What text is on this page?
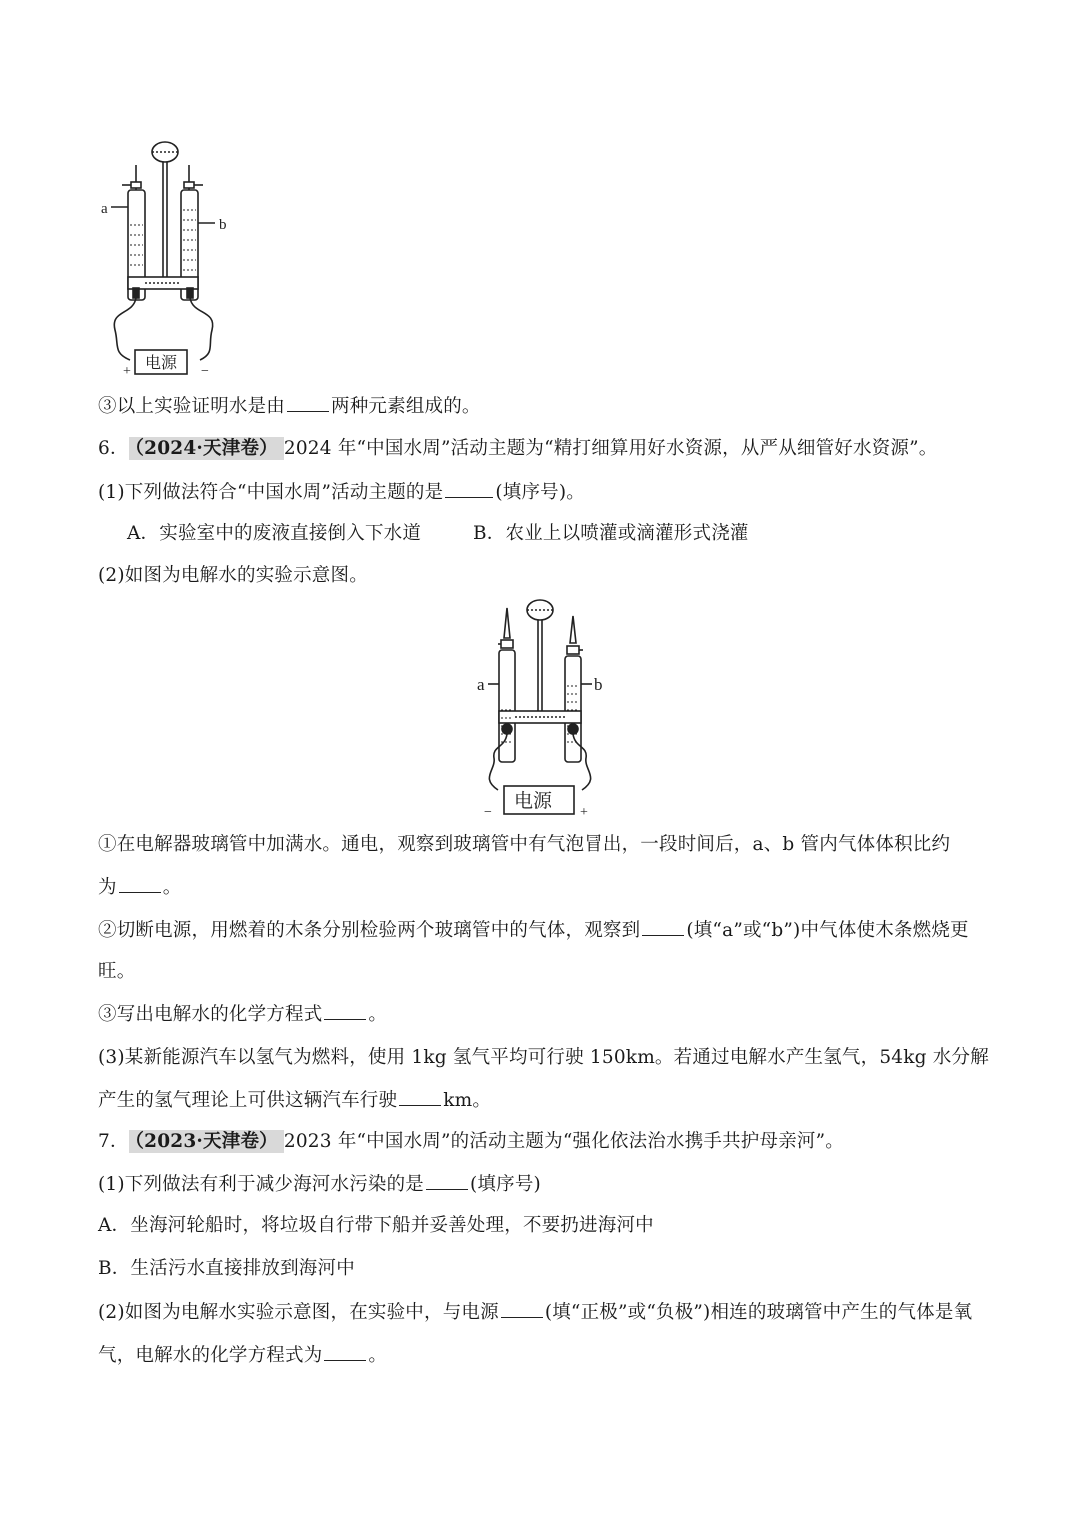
a
b
电源
+	−
③以上实验证明水是由 两种元素组成的。
6． （2024·天津卷） 2024 年“中国水周”活动主题为“精打细算用好水资源，从严从细管好水资源”。
(1)下列做法符合“中国水周”活动主题的是	(填序号)。
A．实验室中的废液直接倒入下水道	B．农业上以喷灌或滴灌形式浇灌
(2)如图为电解水的实验示意图。
a	b
电源
−	+
①在电解器玻璃管中加满水。通电，观察到玻璃管中有气泡冒出，一段时间后，a、b 管内气体体积比约
为 。
②切断电源，用燃着的木条分别检验两个玻璃管中的气体，观察到 (填“a”或“b”)中气体使木条燃烧更
旺。
③写出电解水的化学方程式 。
(3)某新能源汽车以氢气为燃料，使用 1kg 氢气平均可行驶 150km。若通过电解水产生氢气，54kg 水分解
产生的氢气理论上可供这辆汽车行驶 km。
7． （2023·天津卷） 2023 年“中国水周”的活动主题为“强化依法治水携手共护母亲河”。
(1)下列做法有利于减少海河水污染的是 (填序号)
A．坐海河轮船时，将垃圾自行带下船并妥善处理，不要扔进海河中
B．生活污水直接排放到海河中
(2)如图为电解水实验示意图，在实验中，与电源 (填“正极”或“负极”)相连的玻璃管中产生的气体是氧
气，电解水的化学方程式为 。
